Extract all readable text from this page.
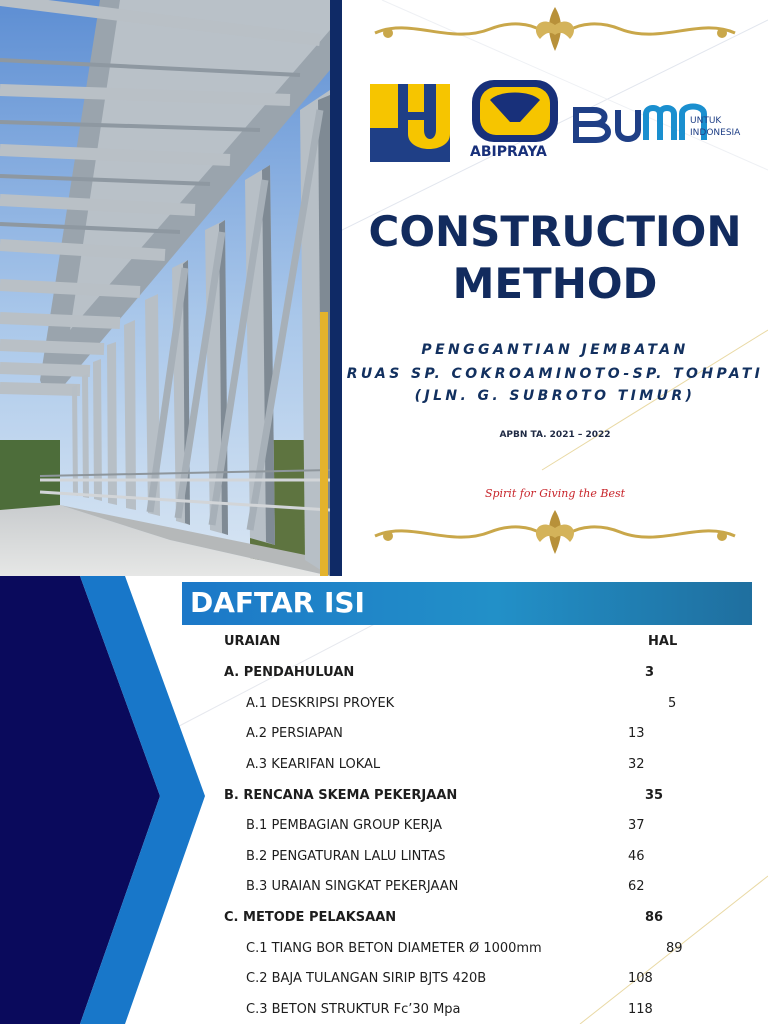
ABIPRAYA
UNTUK
INDONESIA
CONSTRUCTION
METHOD
PENGGANTIAN JEMBATAN
RUAS SP. COKROAMINOTO-SP. TOHPATI
(JLN. G. SUBROTO TIMUR)
APBN TA. 2021 – 2022
Spirit for Giving the Best
DAFTAR ISI
URAIAN	HAL
A. PENDAHULUAN	3
A.1 DESKRIPSI PROYEK	5
A.2 PERSIAPAN	13
A.3 KEARIFAN LOKAL	32
B. RENCANA SKEMA PEKERJAAN	35
B.1 PEMBAGIAN GROUP KERJA	37
B.2 PENGATURAN LALU LINTAS	46
B.3 URAIAN SINGKAT PEKERJAAN	62
C. METODE PELAKSAAN	86
C.1 TIANG BOR BETON DIAMETER Ø 1000mm	89
C.2 BAJA TULANGAN SIRIP BJTS 420B	108
C.3 BETON STRUKTUR Fc’30 Mpa	118
